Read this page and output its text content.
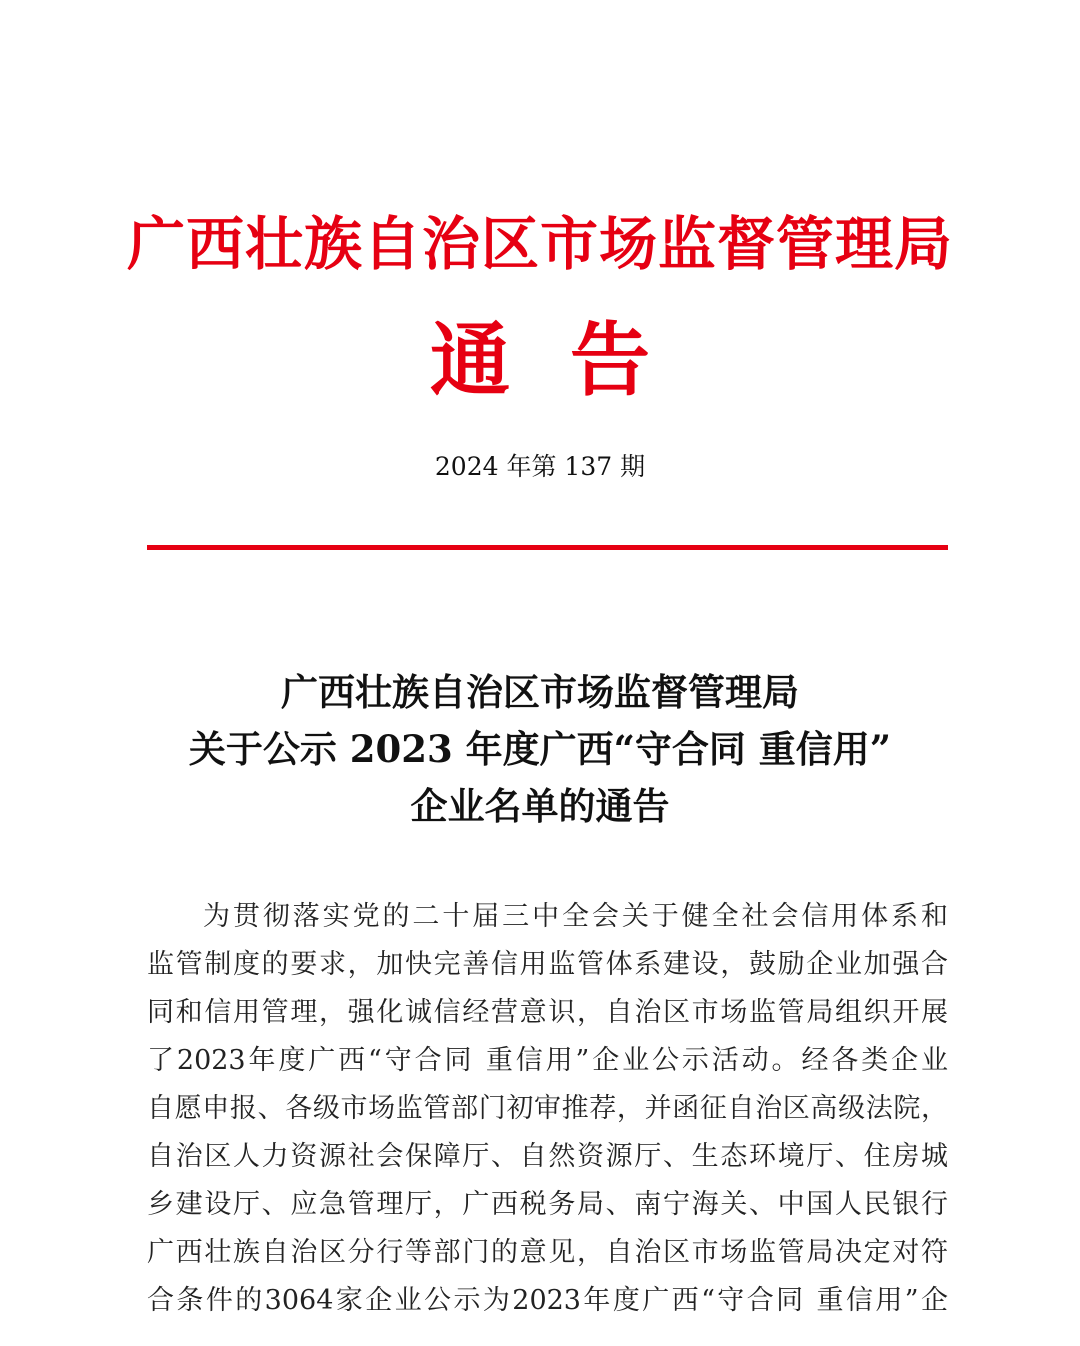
广西壮族自治区市场监督管理局
通告
2024 年第 137 期
广西壮族自治区市场监督管理局
关于公示 2023 年度广西“守合同 重信用”
企业名单的通告
为贯彻落实党的二十届三中全会关于健全社会信用体系和
监管制度的要求，加快完善信用监管体系建设，鼓励企业加强合
同和信用管理，强化诚信经营意识，自治区市场监管局组织开展
了2023年度广西“守合同 重信用”企业公示活动。经各类企业
自愿申报、各级市场监管部门初审推荐，并函征自治区高级法院，
自治区人力资源社会保障厅、自然资源厅、生态环境厅、住房城
乡建设厅、应急管理厅，广西税务局、南宁海关、中国人民银行
广西壮族自治区分行等部门的意见，自治区市场监管局决定对符
合条件的3064家企业公示为2023年度广西“守合同 重信用”企
